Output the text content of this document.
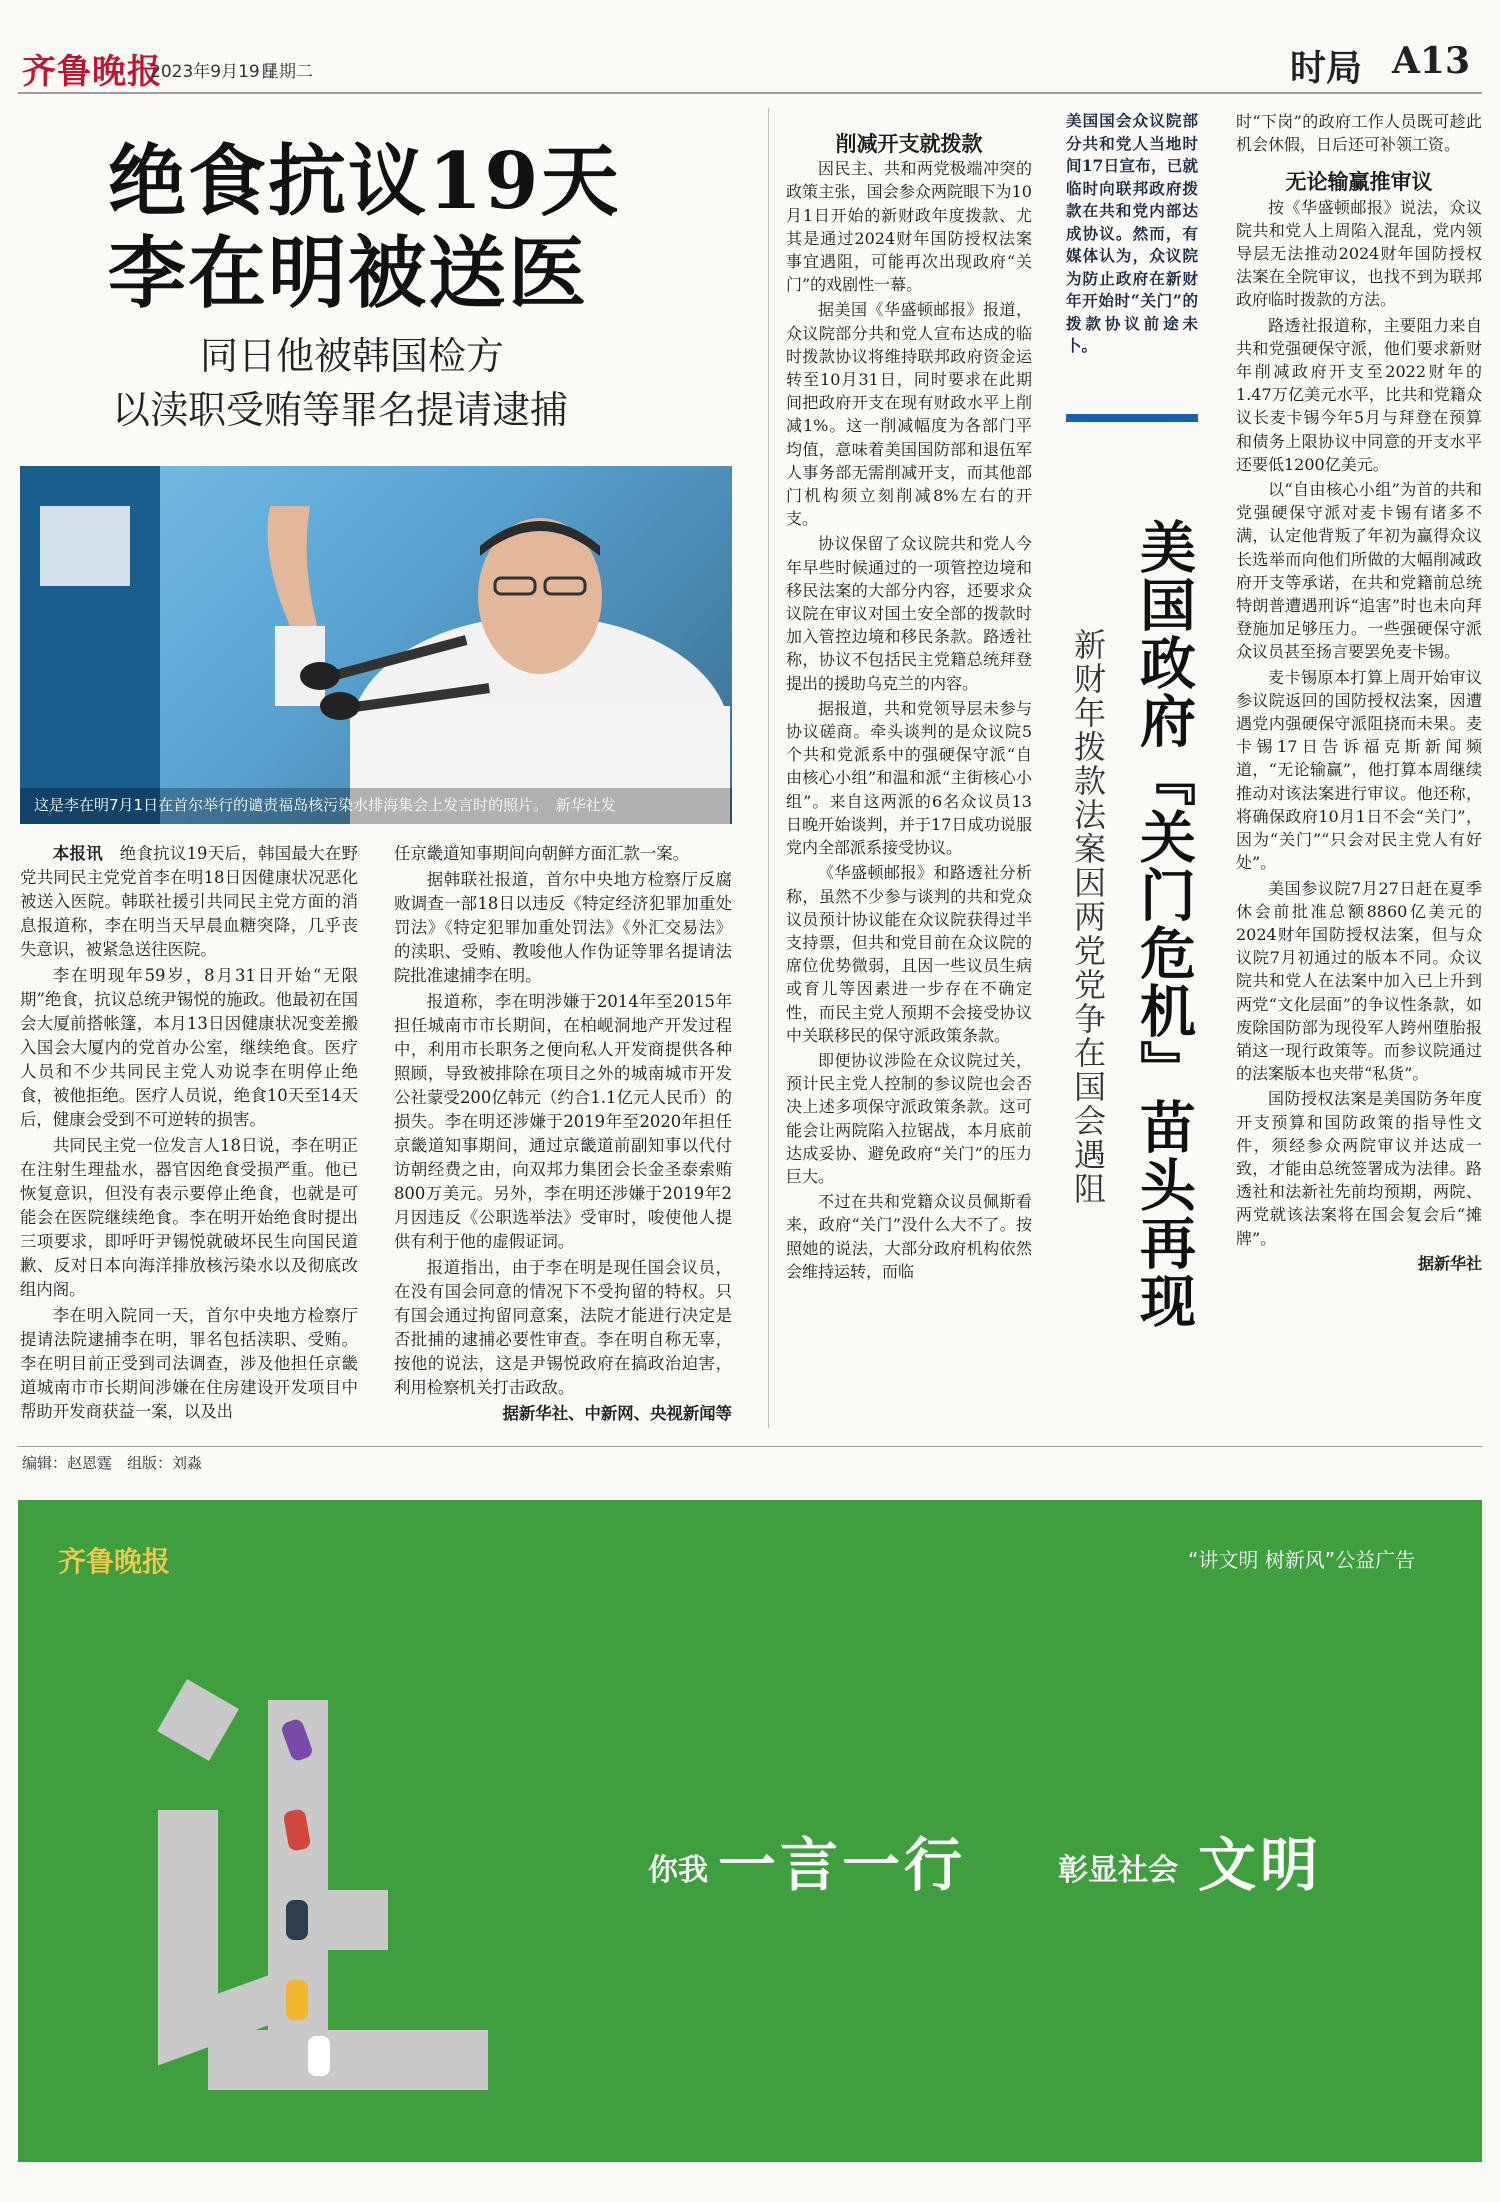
齐鲁晚报
2023年9月19日
星期二	时局 A13
绝食抗议19天
李在明被送医
同日他被韩国检方
以渎职受贿等罪名提请逮捕
这是李在明7月1日在首尔举行的谴责福岛核污染水排海集会上发言时的照片。　新华社发

本报讯　 绝食抗议19天后，韩国最大在野党共同民主党党首李在明18日因健康状况恶化被送入医院。韩联社援引共同民主党方面的消息报道称，李在明当天早晨血糖突降，几乎丧失意识，被紧急送往医院。

李在明现年59岁，8月31日开始“无限期”绝食，抗议总统尹锡悦的施政。他最初在国会大厦前搭帐篷，本月13日因健康状况变差搬入国会大厦内的党首办公室，继续绝食。医疗人员和不少共同民主党人劝说李在明停止绝食，被他拒绝。医疗人员说，绝食10天至14天后，健康会受到不可逆转的损害。

共同民主党一位发言人18日说，李在明正在注射生理盐水，器官因绝食受损严重。他已恢复意识，但没有表示要停止绝食，也就是可能会在医院继续绝食。李在明开始绝食时提出三项要求，即呼吁尹锡悦就破坏民生向国民道歉、反对日本向海洋排放核污染水以及彻底改组内阁。

李在明入院同一天，首尔中央地方检察厅提请法院逮捕李在明，罪名包括渎职、受贿。李在明目前正受到司法调查，涉及他担任京畿道城南市市长期间涉嫌在住房建设开发项目中帮助开发商获益一案，以及出

任京畿道知事期间向朝鲜方面汇款一案。

据韩联社报道，首尔中央地方检察厅反腐败调查一部18日以违反《特定经济犯罪加重处罚法》《特定犯罪加重处罚法》《外汇交易法》的渎职、受贿、教唆他人作伪证等罪名提请法院批准逮捕李在明。

报道称，李在明涉嫌于2014年至2015年担任城南市市长期间，在柏岘洞地产开发过程中，利用市长职务之便向私人开发商提供各种照顾，导致被排除在项目之外的城南城市开发公社蒙受200亿韩元（约合1.1亿元人民币）的损失。李在明还涉嫌于2019年至2020年担任京畿道知事期间，通过京畿道前副知事以代付访朝经费之由，向双邦力集团会长金圣泰索贿800万美元。另外，李在明还涉嫌于2019年2月因违反《公职选举法》受审时，唆使他人提供有利于他的虚假证词。

报道指出，由于李在明是现任国会议员，在没有国会同意的情况下不受拘留的特权。只有国会通过拘留同意案，法院才能进行决定是否批捕的逮捕必要性审查。李在明自称无辜，按他的说法，这是尹锡悦政府在搞政治迫害，利用检察机关打击政敌。

据新华社、中新网、央视新闻等

削减开支就拨款

因民主、共和两党极端冲突的政策主张，国会参众两院眼下为10月1日开始的新财政年度拨款、尤其是通过2024财年国防授权法案事宜遇阻，可能再次出现政府“关门”的戏剧性一幕。

据美国《华盛顿邮报》报道，众议院部分共和党人宣布达成的临时拨款协议将维持联邦政府资金运转至10月31日，同时要求在此期间把政府开支在现有财政水平上削减1%。这一削减幅度为各部门平均值，意味着美国国防部和退伍军人事务部无需削减开支，而其他部门机构须立刻削减8%左右的开支。

协议保留了众议院共和党人今年早些时候通过的一项管控边境和移民法案的大部分内容，还要求众议院在审议对国土安全部的拨款时加入管控边境和移民条款。路透社称，协议不包括民主党籍总统拜登提出的援助乌克兰的内容。

据报道，共和党领导层未参与协议磋商。牵头谈判的是众议院5个共和党派系中的强硬保守派“自由核心小组”和温和派“主街核心小组”。来自这两派的6名众议员13日晚开始谈判，并于17日成功说服党内全部派系接受协议。

《华盛顿邮报》和路透社分析称，虽然不少参与谈判的共和党众议员预计协议能在众议院获得过半支持票，但共和党目前在众议院的席位优势微弱，且因一些议员生病或育儿等因素进一步存在不确定性，而民主党人预期不会接受协议中关联移民的保守派政策条款。

即便协议涉险在众议院过关，预计民主党人控制的参议院也会否决上述多项保守派政策条款。这可能会让两院陷入拉锯战，本月底前达成妥协、避免政府“关门”的压力巨大。

不过在共和党籍众议员佩斯看来，政府“关门”没什么大不了。按照她的说法，大部分政府机构依然会维持运转，而临

美国国会众议院部分共和党人当地时间17日宣布，已就临时向联邦政府拨款在共和党内部达成协议。然而，有媒体认为，众议院为防止政府在新财年开始时“关门”的拨款协议前途未卜。
美国政府『关门危机』苗头再现
新财年拨款法案因两党党争在国会遇阻

时“下岗”的政府工作人员既可趁此机会休假，日后还可补领工资。

无论输赢推审议

按《华盛顿邮报》说法，众议院共和党人上周陷入混乱，党内领导层无法推动2024财年国防授权法案在全院审议，也找不到为联邦政府临时拨款的方法。

路透社报道称，主要阻力来自共和党强硬保守派，他们要求新财年削减政府开支至2022财年的1.47万亿美元水平，比共和党籍众议长麦卡锡今年5月与拜登在预算和债务上限协议中同意的开支水平还要低1200亿美元。

以“自由核心小组”为首的共和党强硬保守派对麦卡锡有诸多不满，认定他背叛了年初为赢得众议长选举而向他们所做的大幅削减政府开支等承诺，在共和党籍前总统特朗普遭遇刑诉“追害”时也未向拜登施加足够压力。一些强硬保守派众议员甚至扬言要罢免麦卡锡。

麦卡锡原本打算上周开始审议参议院返回的国防授权法案，因遭遇党内强硬保守派阻挠而未果。麦卡锡17日告诉福克斯新闻频道，“无论输赢”，他打算本周继续推动对该法案进行审议。他还称，将确保政府10月1日不会“关门”，因为“关门”“只会对民主党人有好处”。

美国参议院7月27日赶在夏季休会前批准总额8860亿美元的2024财年国防授权法案，但与众议院7月初通过的版本不同。众议院共和党人在法案中加入已上升到两党“文化层面”的争议性条款，如废除国防部为现役军人跨州堕胎报销这一现行政策等。而参议院通过的法案版本也夹带“私货”。

国防授权法案是美国防务年度开支预算和国防政策的指导性文件，须经参众两院审议并达成一致，才能由总统签署成为法律。路透社和法新社先前均预期，两院、两党就该法案将在国会复会后“摊牌”。

据新华社

编辑：赵恩霆　组版：刘淼
齐鲁晚报	“讲文明 树新风”公益广告
你我 一言一行	彰显社会 文明
